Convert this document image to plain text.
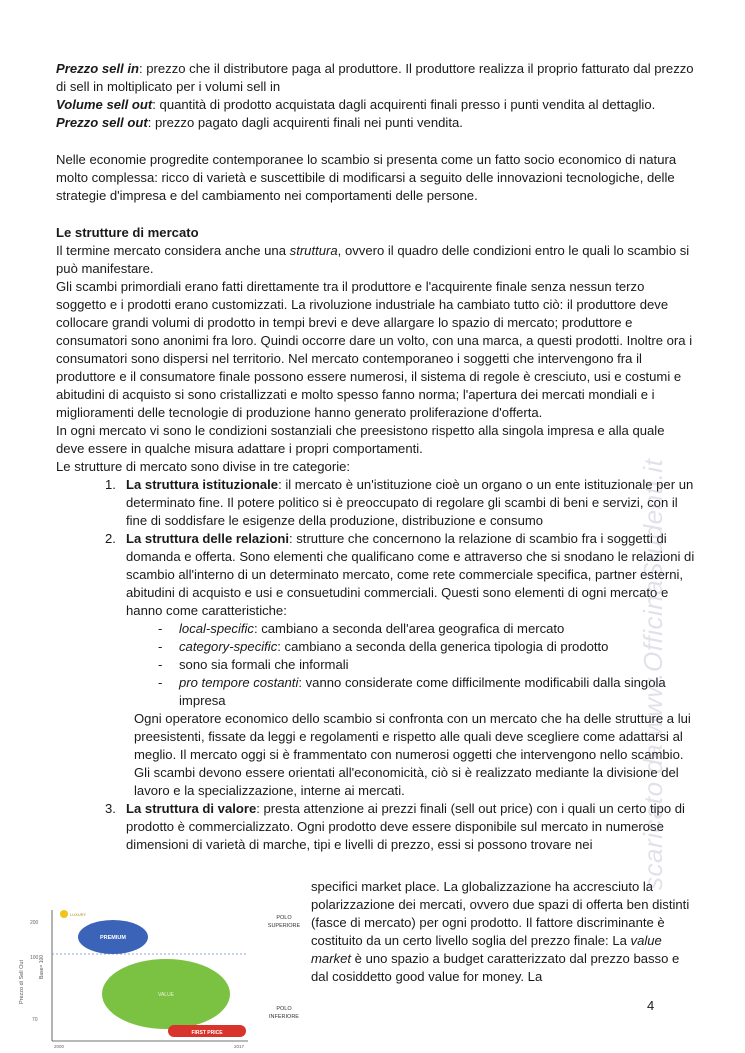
Prezzo sell in: prezzo che il distributore paga al produttore. Il produttore realizza il proprio fatturato dal prezzo di sell in moltiplicato per i volumi sell in

Volume sell out: quantità di prodotto acquistata dagli acquirenti finali presso i punti vendita al dettaglio.

Prezzo sell out: prezzo pagato dagli acquirenti finali nei punti vendita.

Nelle economie progredite contemporanee lo scambio si presenta come un fatto socio economico di natura molto complessa: ricco di varietà e suscettibile di modificarsi a seguito delle innovazioni tecnologiche, delle strategie d'impresa e del cambiamento nei comportamenti delle persone.

Le strutture di mercato

Il termine mercato considera anche una struttura, ovvero il quadro delle condizioni entro le quali lo scambio si può manifestare.

Gli scambi primordiali erano fatti direttamente tra il produttore e l'acquirente finale senza nessun terzo soggetto e i prodotti erano customizzati. La rivoluzione industriale ha cambiato tutto ciò: il produttore deve collocare grandi volumi di prodotto in tempi brevi e deve allargare lo spazio di mercato; produttore e consumatori sono anonimi fra loro. Quindi occorre dare un volto, con una marca, a questi prodotti. Inoltre ora i consumatori sono dispersi nel territorio. Nel mercato contemporaneo i soggetti che intervengono fra il produttore e il consumatore finale possono essere numerosi, il sistema di regole è cresciuto, usi e costumi e abitudini di acquisto si sono cristallizzati e molto spesso fanno norma; l'apertura dei mercati mondiali e i miglioramenti delle tecnologie di produzione hanno generato proliferazione d'offerta.

In ogni mercato vi sono le condizioni sostanziali che preesistono rispetto alla singola impresa e alla quale deve essere in qualche misura adattare i propri comportamenti.

Le strutture di mercato sono divise in tre categorie:

1. La struttura istituzionale: il mercato è un'istituzione cioè un organo o un ente istituzionale per un determinato fine. Il potere politico si è preoccupato di regolare gli scambi di beni e servizi, con il fine di soddisfare le esigenze della produzione, distribuzione e consumo
2. La struttura delle relazioni: strutture che concernono la relazione di scambio fra i soggetti di domanda e offerta. Sono elementi che qualificano come e attraverso che si snodano le relazioni di scambio all'interno di un determinato mercato, come rete commerciale specifica, partner esterni, abitudini di acquisto e usi e consuetudini commerciali. Questi sono elementi di ogni mercato e hanno come caratteristiche:
- local-specific: cambiano a seconda dell'area geografica di mercato
- category-specific: cambiano a seconda della generica tipologia di prodotto
- sono sia formali che informali
- pro tempore costanti: vanno considerate come difficilmente modificabili dalla singola impresa

Ogni operatore economico dello scambio si confronta con un mercato che ha delle strutture a lui preesistenti, fissate da leggi e regolamenti e rispetto alle quali deve scegliere come adattarsi al meglio. Il mercato oggi si è frammentato con numerosi oggetti che intervengono nello scambio. Gli scambi devono essere orientati all'economicità, ciò si è realizzato mediante la divisione del lavoro e la specializzazione, interne ai mercati.

3. La struttura di valore: presta attenzione ai prezzi finali (sell out price) con i quali un certo tipo di prodotto è commercializzato. Ogni prodotto deve essere disponibile sul mercato in numerose dimensioni di varietà di marche, tipi e livelli di prezzo, essi si possono trovare nei

specifici market place. La globalizzazione ha accresciuto la polarizzazione dei mercati, ovvero due spazi di offerta ben distinti (fasce di mercato) per ogni prodotto. Il fattore discriminante è costituito da un certo livello soglia del prezzo finale: La value market è uno spazio a budget caratterizzato dal prezzo basso e dal cosiddetto good value for money. La

Prezzo di Sell Out	Base= 100
200
100
70
2000	2017
LUXURY
PREMIUM
VALUE
FIRST PRICE
POLO
SUPERIORE
POLO
INFERIORE
scaricato da www.OfficinaStudenti.it
4
